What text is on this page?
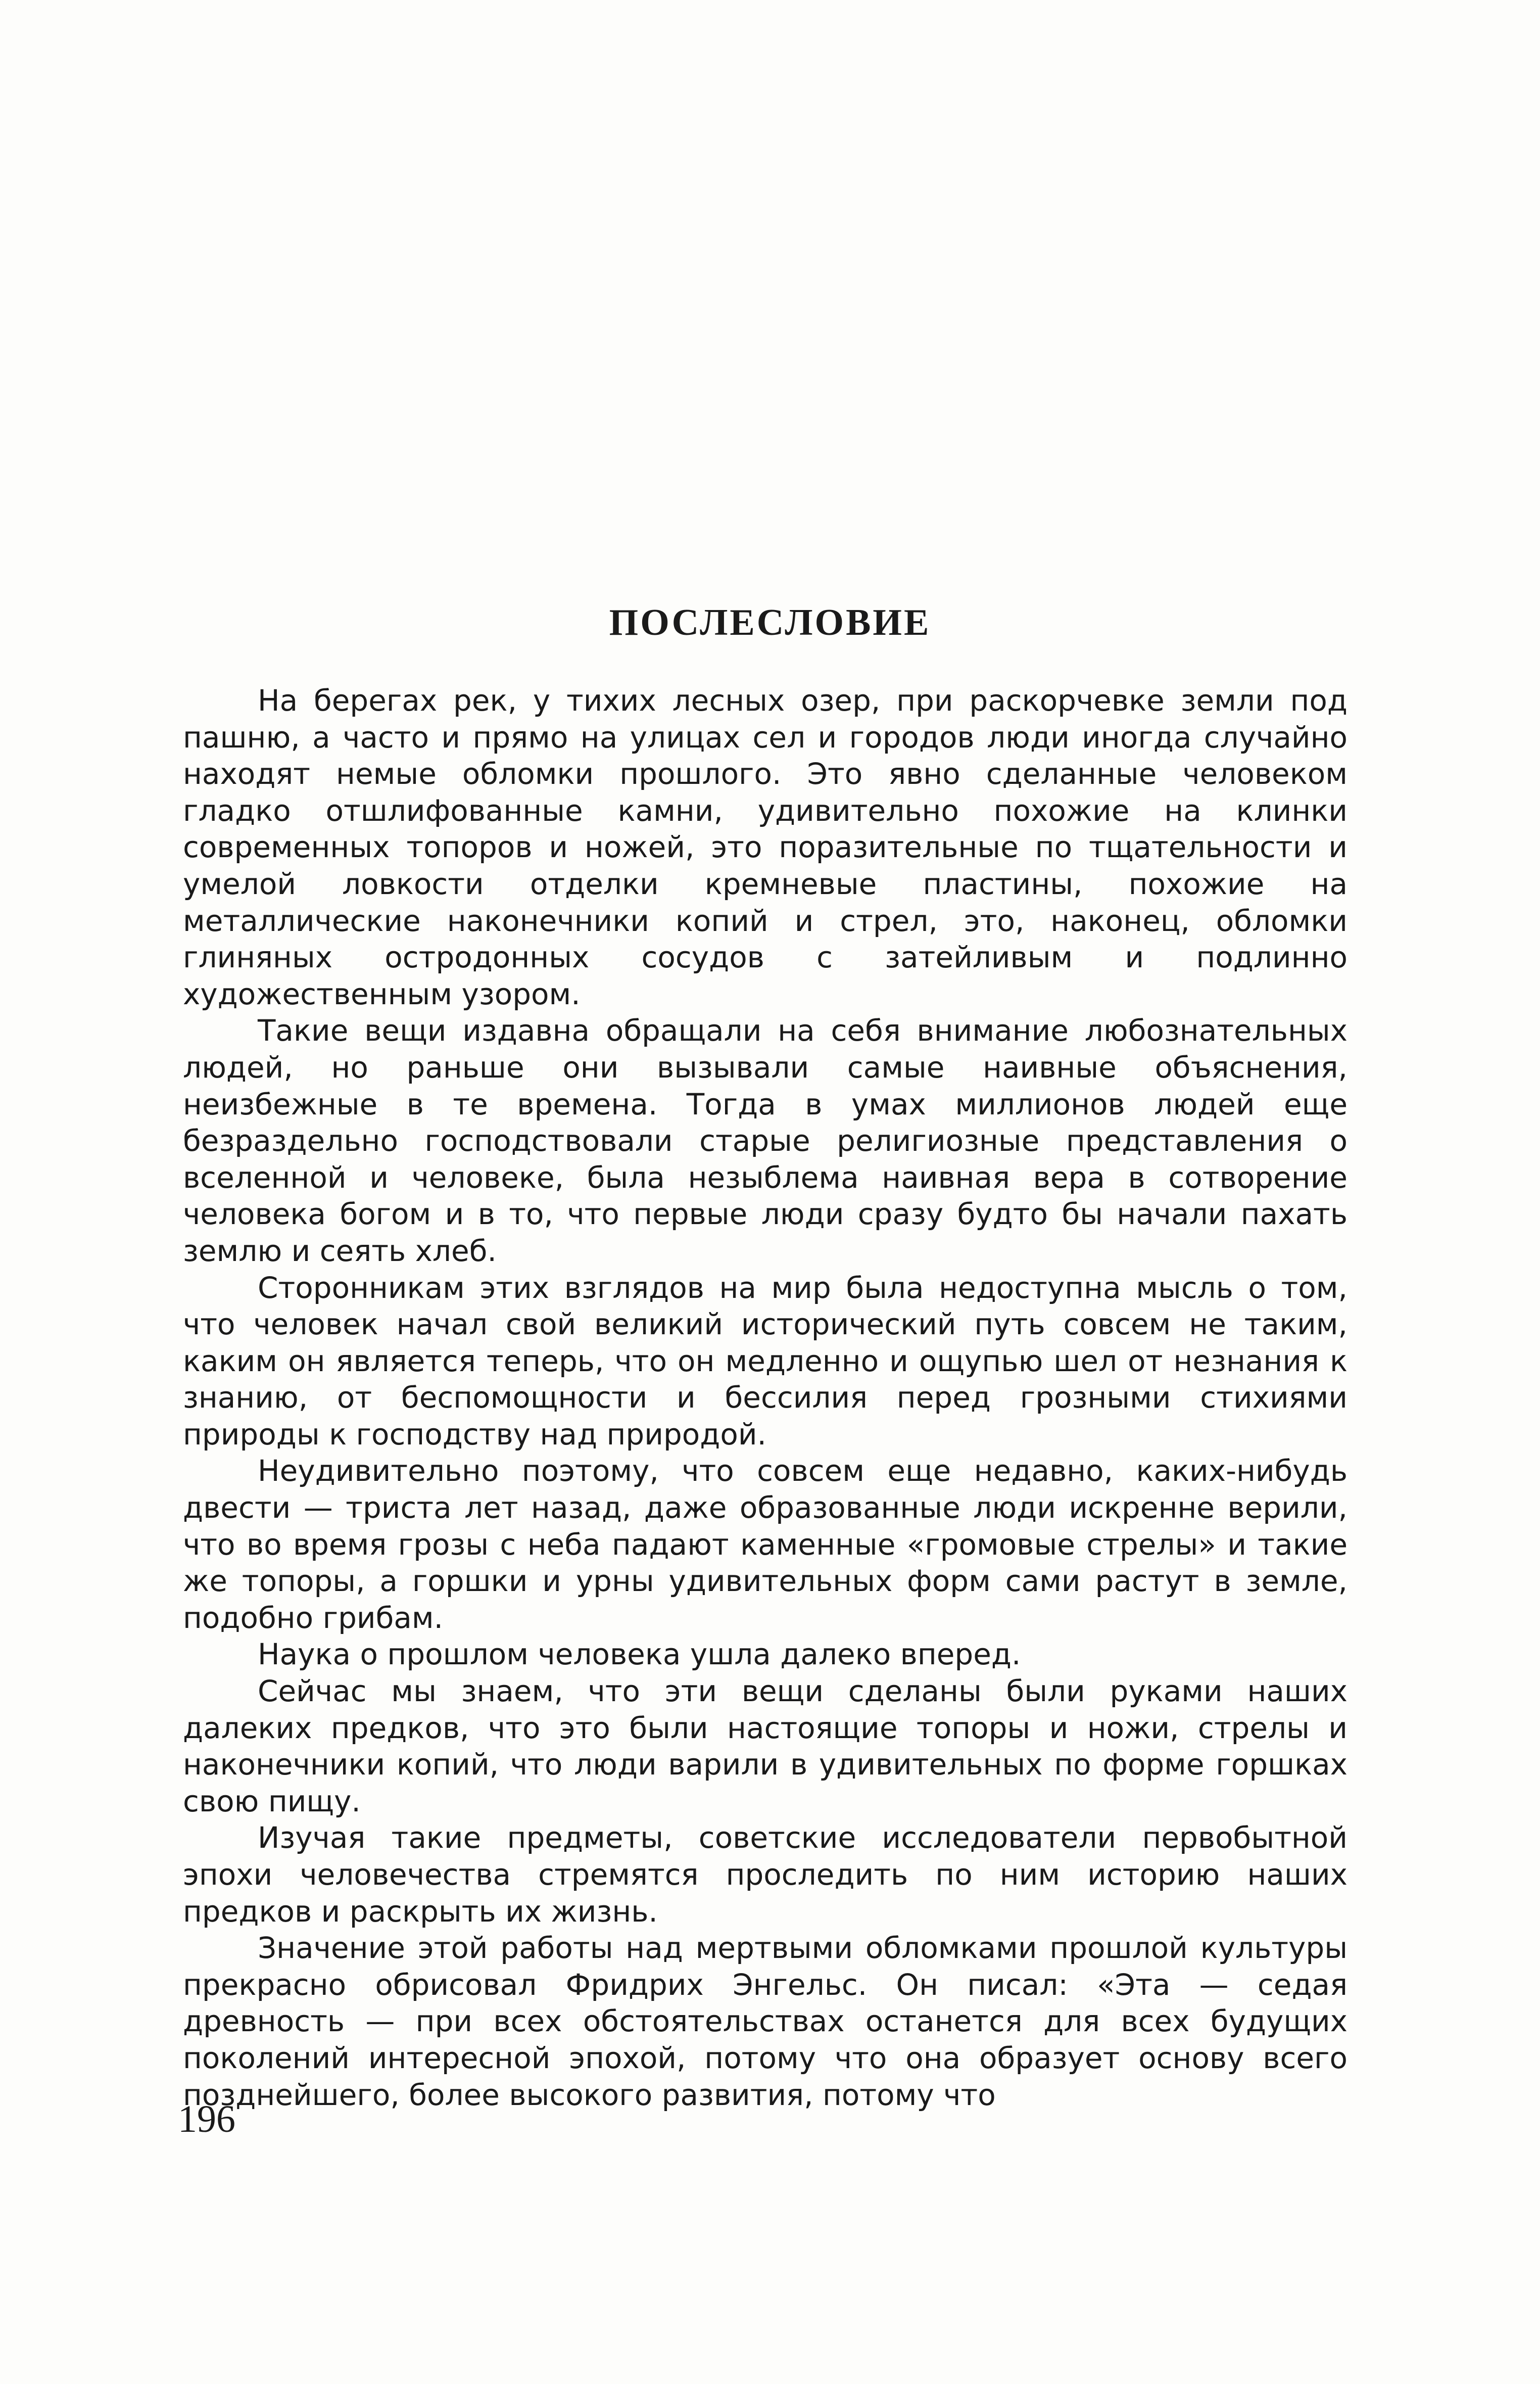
ПОСЛЕСЛОВИЕ

На берегах рек, у тихих лесных озер, при раскорчевке земли под пашню, а часто и прямо на улицах сел и городов люди иногда случайно находят немые обломки прошлого. Это явно сделанные человеком гладко отшлифованные камни, удивительно похожие на клинки современных топоров и ножей, это поразительные по тщательности и умелой ловкости отделки кремневые пластины, похожие на металлические наконечники копий и стрел, это, наконец, обломки глиняных остродонных сосудов с затейливым и подлинно художественным узором.

Такие вещи издавна обращали на себя внимание любознательных людей, но раньше они вызывали самые наивные объяснения, неизбежные в те времена. Тогда в умах миллионов людей еще безраздельно господствовали старые религиозные представления о вселенной и человеке, была незыблема наивная вера в сотворение человека богом и в то, что первые люди сразу будто бы начали пахать землю и сеять хлеб.

Сторонникам этих взглядов на мир была недоступна мысль о том, что человек начал свой великий исторический путь совсем не таким, каким он является теперь, что он медленно и ощупью шел от незнания к знанию, от беспомощности и бессилия перед грозными стихиями природы к господству над природой.

Неудивительно поэтому, что совсем еще недавно, каких-нибудь двести — триста лет назад, даже образованные люди искренне верили, что во время грозы с неба падают каменные «громовые стрелы» и такие же топоры, а горшки и урны удивительных форм сами растут в земле, подобно грибам.

Наука о прошлом человека ушла далеко вперед.

Сейчас мы знаем, что эти вещи сделаны были руками наших далеких предков, что это были настоящие топоры и ножи, стрелы и наконечники копий, что люди варили в удивительных по форме горшках свою пищу.

Изучая такие предметы, советские исследователи первобытной эпохи человечества стремятся проследить по ним историю наших предков и раскрыть их жизнь.

Значение этой работы над мертвыми обломками прошлой культуры прекрасно обрисовал Фридрих Энгельс. Он писал: «Эта — седая древность — при всех обстоятельствах останется для всех будущих поколений интересной эпохой, потому что она образует основу всего позднейшего, более высокого развития, потому что

196
